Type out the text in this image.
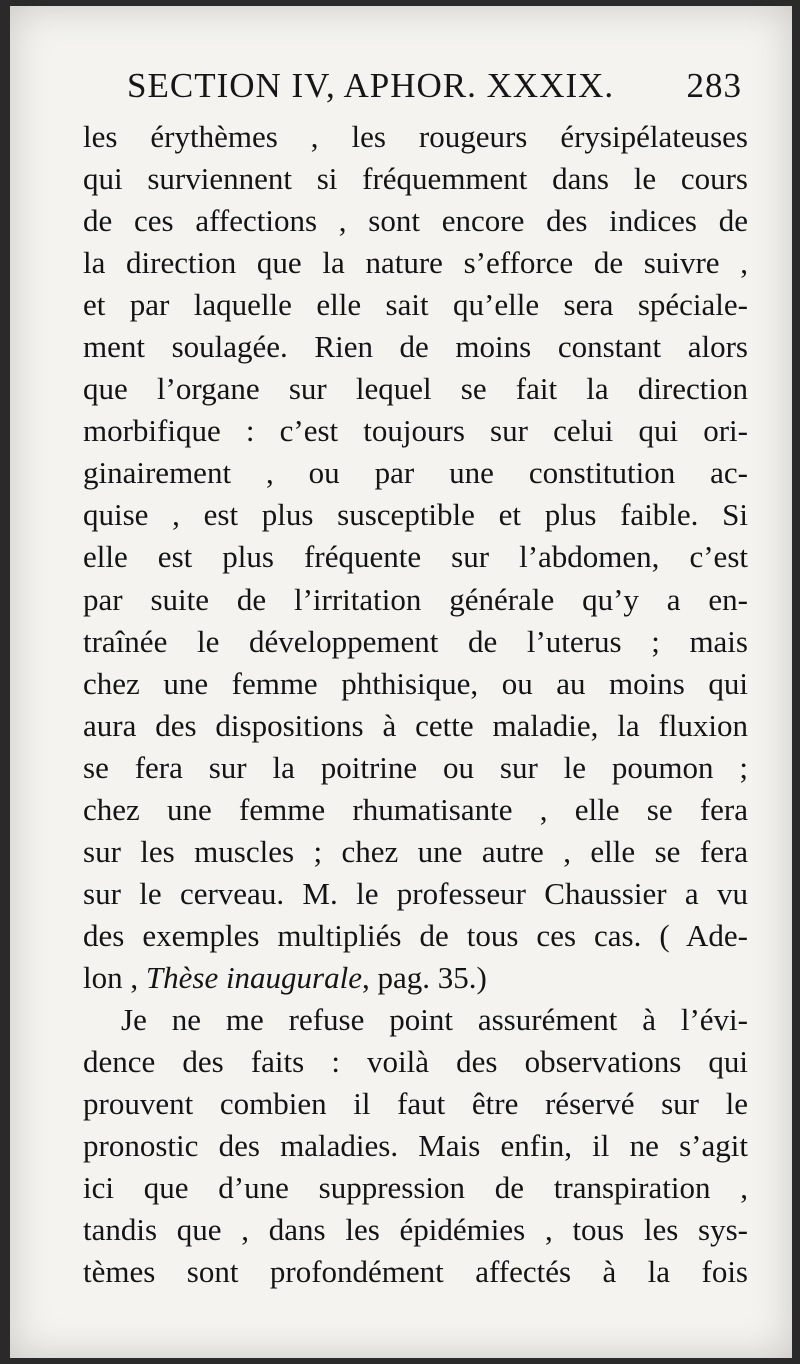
SECTION IV, APHOR. XXXIX. 283
les érythèmes , les rougeurs érysipélateuses
qui surviennent si fréquemment dans le cours
de ces affections , sont encore des indices de
la direction que la nature s’efforce de suivre ,
et par laquelle elle sait qu’elle sera spéciale-
ment soulagée. Rien de moins constant alors
que l’organe sur lequel se fait la direction
morbifique : c’est toujours sur celui qui ori-
ginairement , ou par une constitution ac-
quise , est plus susceptible et plus faible. Si
elle est plus fréquente sur l’abdomen, c’est
par suite de l’irritation générale qu’y a en-
traînée le développement de l’uterus ; mais
chez une femme phthisique, ou au moins qui
aura des dispositions à cette maladie, la fluxion
se fera sur la poitrine ou sur le poumon ;
chez une femme rhumatisante , elle se fera
sur les muscles ; chez une autre , elle se fera
sur le cerveau. M. le professeur Chaussier a vu
des exemples multipliés de tous ces cas. ( Ade-
lon , Thèse inaugurale, pag. 35.)
Je ne me refuse point assurément à l’évi-
dence des faits : voilà des observations qui
prouvent combien il faut être réservé sur le
pronostic des maladies. Mais enfin, il ne s’agit
ici que d’une suppression de transpiration ,
tandis que , dans les épidémies , tous les sys-
tèmes sont profondément affectés à la fois
